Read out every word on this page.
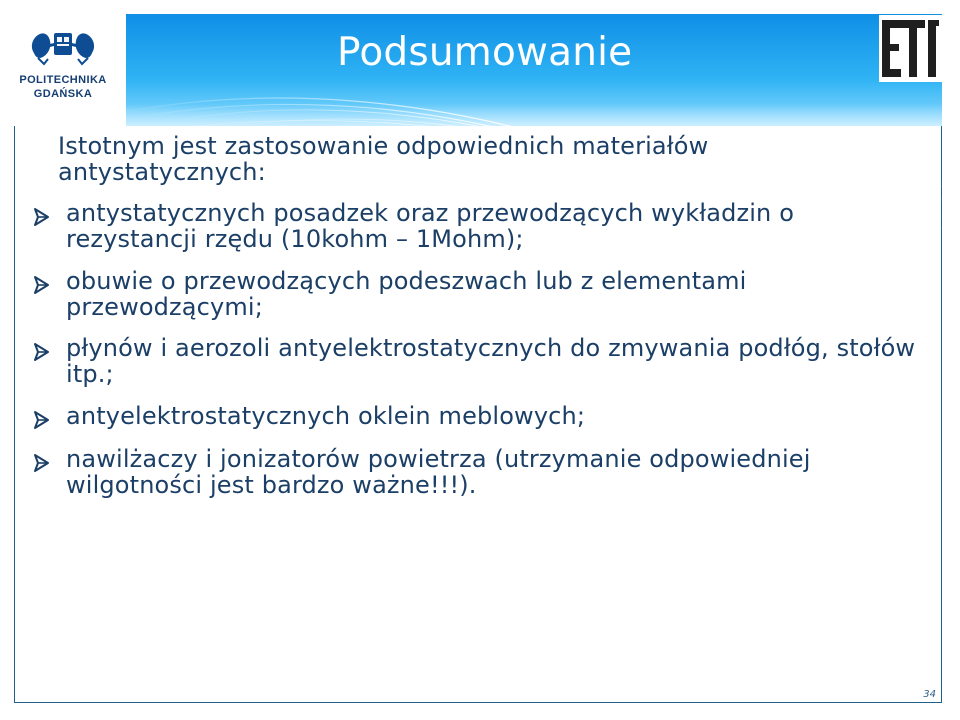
POLITECHNIKA
GDAŃSKA
Podsumowanie

Istotnym jest zastosowanie odpowiednich materiałów antystatycznych:

antystatycznych posadzek oraz przewodzących wykładzin o rezystancji rzędu (10kohm – 1Mohm);
obuwie o przewodzących podeszwach lub z elementami przewodzącymi;
płynów i aerozoli antyelektrostatycznych do zmywania podłóg, stołów itp.;
antyelektrostatycznych oklein meblowych;
nawilżaczy i jonizatorów powietrza (utrzymanie odpowiedniej wilgotności jest bardzo ważne!!!).
34
